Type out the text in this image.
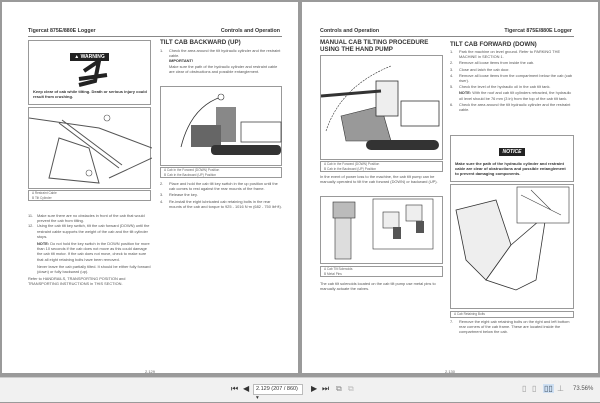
Tigercat 875E/880E Logger	Controls and Operation
▲ WARNING
Keep clear of cab while tilting. Death or serious injury could result from crushing.
A Restraint Cable
B Tilt Cylinder
11. Make sure there are no obstacles in front of the cab that would prevent the cab from tilting.
12. Using the cab tilt key switch, tilt the cab forward (DOWN) until the restraint cable supports the weight of the cab and the tilt cylinder stops.
NOTE: Do not hold the key switch in the DOWN position for more than 10 seconds if the cab does not move as this could damage the cab tilt motor. If the cab does not move, check to make sure that all eight retaining bolts have been removed.
Never leave the cab partially tilted. It should be either fully forward (down) or fully backward (up).
Refer to HANDRAILS, TRANSPORTING POSITION and TRANSPORTING INSTRUCTIONS in THIS SECTION.
TILT CAB BACKWARD (UP)
1.	Check the area around the tilt hydraulic cylinder and the restraint cable.
IMPORTANT!
Make sure the path of the hydraulic cylinder and restraint cable are clear of obstructions and possible entanglement.
A Cab in the Forward (DOWN) Position
B Cab in the Backward (UP) Position
2.	Place and hold the cab tilt key switch in the up position until the cab comes to rest against the rear mounts of the frame.
3.	Release the key.
4.	Re-install the eight lubricated cab retaining bolts in the rear mounts of the cab and torque to 925 - 1016 N·m (682 - 750 lbf·ft).
2.129
Controls and Operation	Tigercat 875E/880E Logger
MANUAL CAB TILTING PROCEDURE USING THE HAND PUMP
A Cab in the Forward (DOWN) Position
B Cab in the Backward (UP) Position
In the event of power loss to the machine, the cab tilt pump can be manually operated to tilt the cab forward (DOWN) or backward (UP).
A Cab Tilt Solenoids
B Metal Pins
The cab tilt solenoids located on the cab tilt pump use metal pins to manually actuate the valves.
TILT CAB FORWARD (DOWN)
1.	Park the machine on level ground. Refer to PARKING THE MACHINE in SECTION 1.
2.	Remove all loose items from inside the cab.
3.	Close and latch the cab door.
4.	Remove all loose items from the compartment below the cab (cab riser).
5.	Check the level of the hydraulic oil in the cab tilt tank.
NOTE: With the roof and cab tilt cylinders retracted, the hydraulic oil level should be 76 mm (3 in) from the top of the cab tilt tank.
6.	Check the area around the tilt hydraulic cylinder and the restraint cable.
NOTICE
Make sure the path of the hydraulic cylinder and restraint cable are clear of obstructions and possible entanglement to prevent damaging components.
A Cab Retaining Bolts
7.	Remove the eight cab retaining bolts on the right and left bottom rear corners of the cab frame. These are located inside the compartment below the cab.
2.130
⏮ ◀	2.129 (207 / 860) ▾
▶ ⏭ ⧉ ⧉	▯ ▯ ▯▯ ⊥ 73.56%
